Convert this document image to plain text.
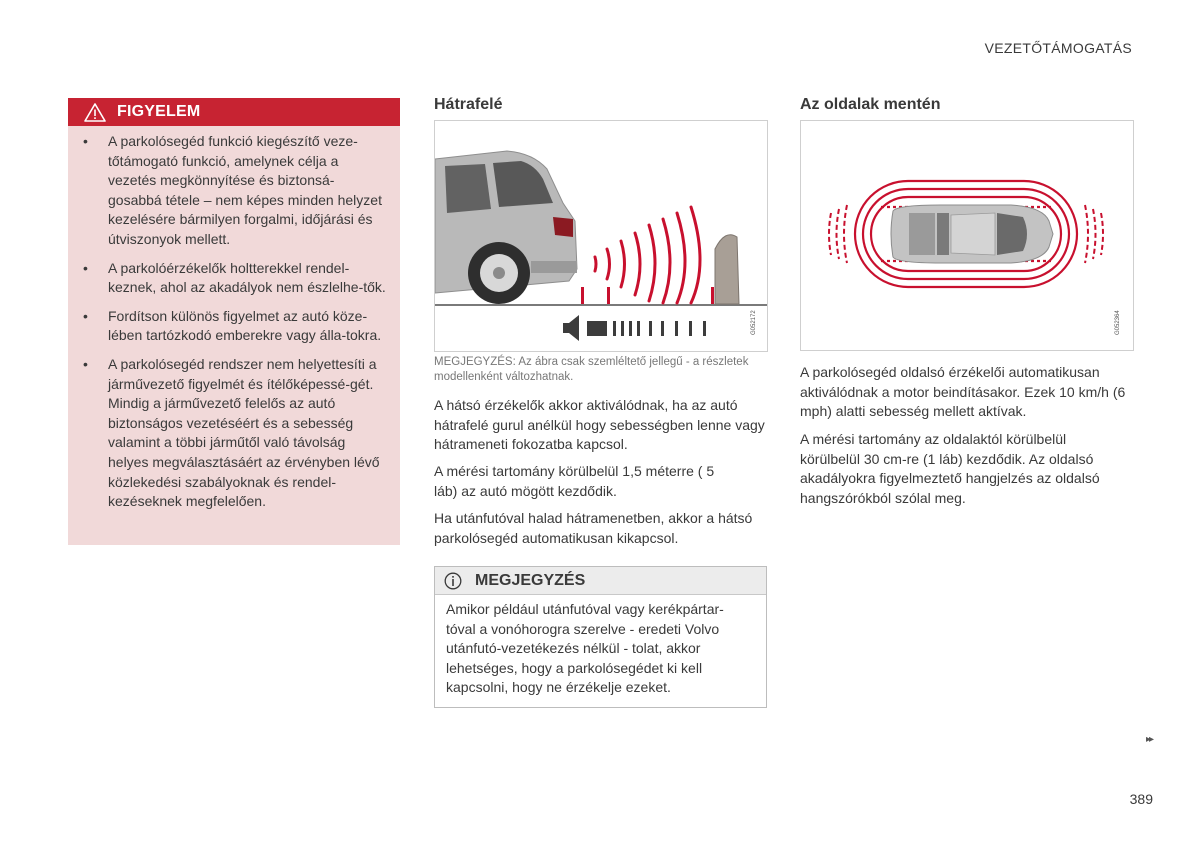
VEZETŐTÁMOGATÁS
FIGYELEM
• A parkolósegéd funkció kiegészítő veze-tőtámogató funkció, amelynek célja a vezetés megkönnyítése és biztonsá-gosabbá tétele – nem képes minden helyzet kezelésére bármilyen forgalmi, időjárási és útviszonyok mellett.
• A parkolóérzékelők holtterekkel rendel-keznek, ahol az akadályok nem észlelhe-tők.
• Fordítson különös figyelmet az autó köze-lében tartózkodó emberekre vagy álla-tokra.
• A parkolósegéd rendszer nem helyettesíti a járművezető figyelmét és ítélőképessé-gét. Mindig a járművezető felelős az autó biztonságos vezetéséért és a sebesség valamint a többi járműtől való távolság helyes megválasztásáért az érvényben lévő közlekedési szabályoknak és rendel-kezéseknek megfelelően.
Hátrafelé
G052172
MEGJEGYZÉS: Az ábra csak szemléltető jellegű - a részletek modellenként változhatnak.

A hátsó érzékelők akkor aktiválódnak, ha az autó hátrafelé gurul anélkül hogy sebességben lenne vagy hátrameneti fokozatba kapcsol.

A mérési tartomány körülbelül 1,5 méterre ( 5 láb) az autó mögött kezdődik.

Ha utánfutóval halad hátramenetben, akkor a hátsó parkolósegéd automatikusan kikapcsol.

MEGJEGYZÉS
Amikor például utánfutóval vagy kerékpártar-tóval a vonóhorogra szerelve - eredeti Volvo utánfutó-vezetékezés nélkül - tolat, akkor lehetséges, hogy a parkolósegédet ki kell kapcsolni, hogy ne érzékelje ezeket.
Az oldalak mentén
G052364

A parkolósegéd oldalsó érzékelői automatikusan aktiválódnak a motor beindításakor. Ezek 10 km/h (6 mph) alatti sebesség mellett aktívak.

A mérési tartomány az oldalaktól körülbelül körülbelül 30 cm-re (1 láb) kezdődik. Az oldalsó akadályokra figyelmeztető hangjelzés az oldalsó hangszórókból szólal meg.

▸▸
389
